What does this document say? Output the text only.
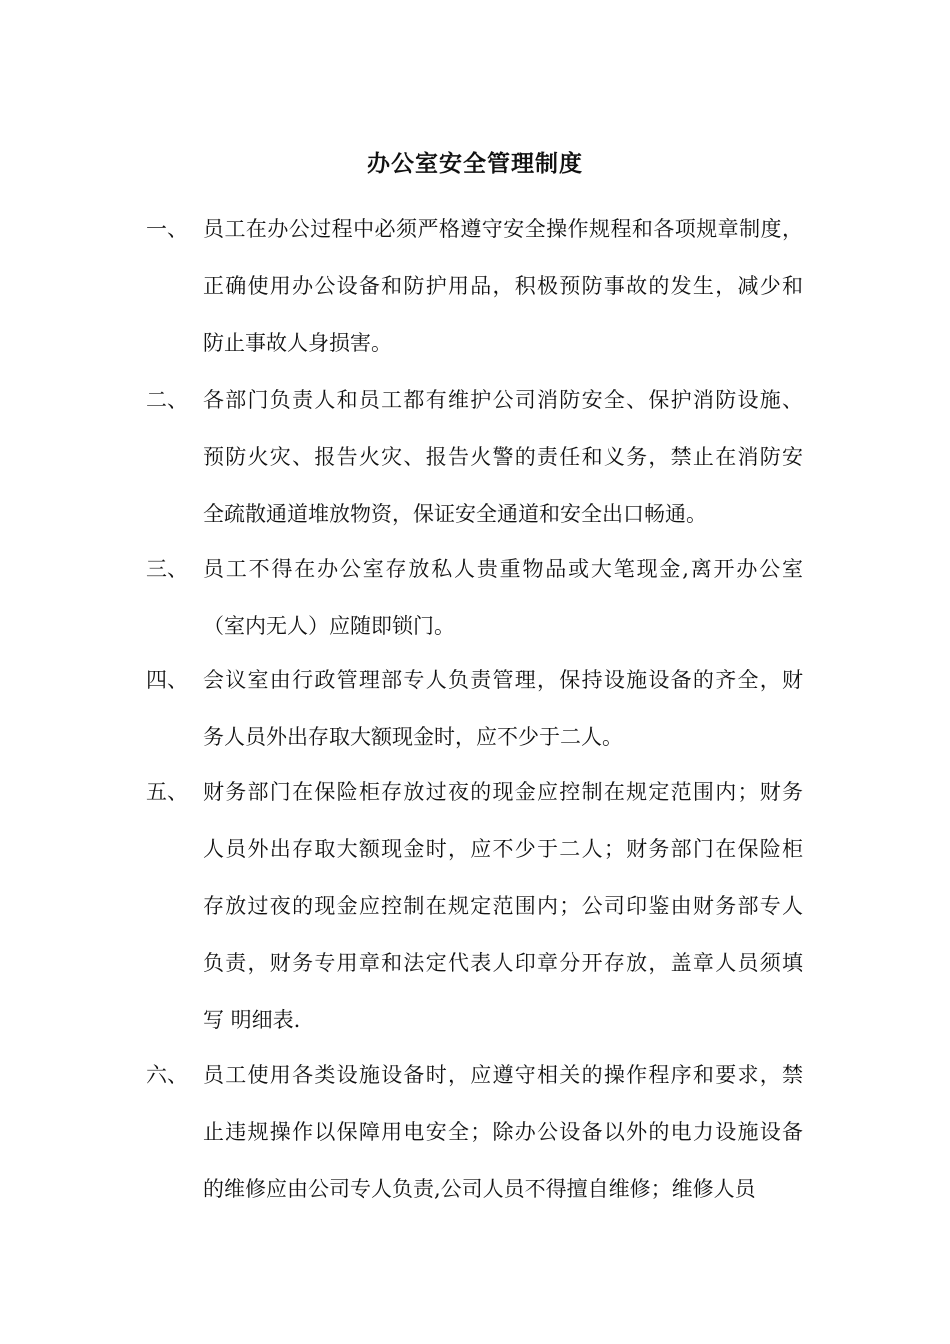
办公室安全管理制度
一、 员工在办公过程中必须严格遵守安全操作规程和各项规章制度，
正确使用办公设备和防护用品，积极预防事故的发生，减少和
防止事故人身损害。
二、 各部门负责人和员工都有维护公司消防安全、保护消防设施、
预防火灾、报告火灾、报告火警的责任和义务，禁止在消防安
全疏散通道堆放物资，保证安全通道和安全出口畅通。
三、 员工不得在办公室存放私人贵重物品或大笔现金,离开办公室
（室内无人）应随即锁门。
四、 会议室由行政管理部专人负责管理，保持设施设备的齐全，财
务人员外出存取大额现金时，应不少于二人。
五、 财务部门在保险柜存放过夜的现金应控制在规定范围内；财务
人员外出存取大额现金时，应不少于二人；财务部门在保险柜
存放过夜的现金应控制在规定范围内；公司印鉴由财务部专人
负责，财务专用章和法定代表人印章分开存放，盖章人员须填
写 明细表.
六、 员工使用各类设施设备时，应遵守相关的操作程序和要求，禁
止违规操作以保障用电安全；除办公设备以外的电力设施设备
的维修应由公司专人负责,公司人员不得擅自维修；维修人员
